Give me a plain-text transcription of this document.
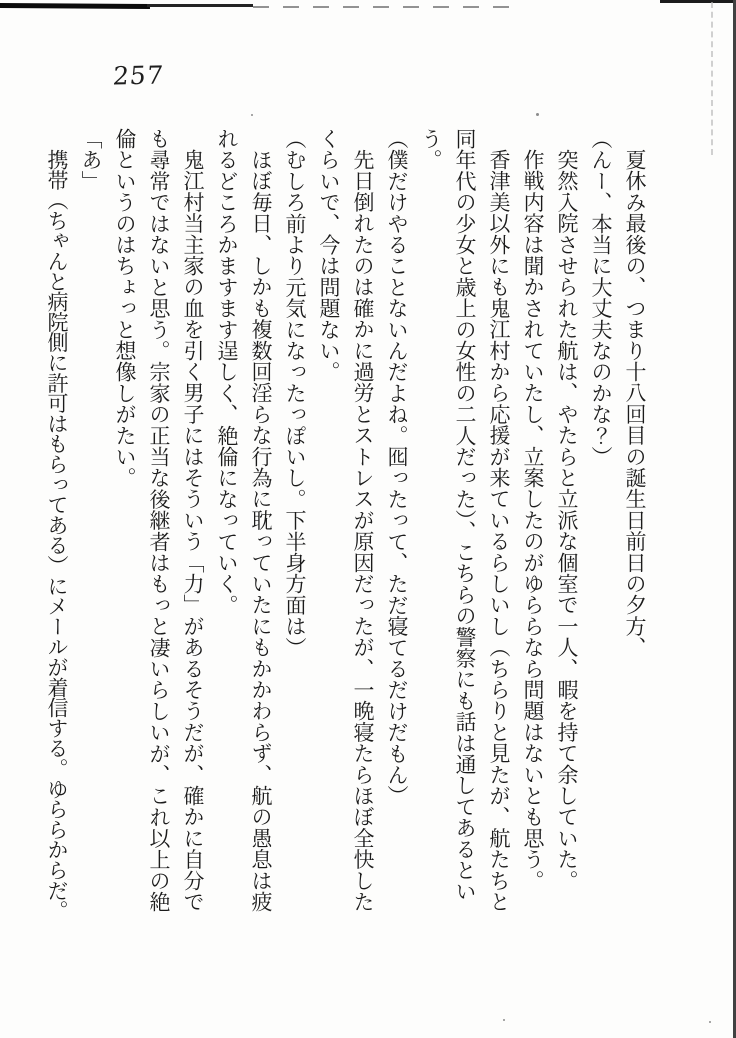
257

夏休み最後の、つまり十八回目の誕生日前日の夕方、

（んー、本当に大丈夫なのかな？）

突然入院させられた航は、やたらと立派な個室で一人、暇を持て余していた。

作戦内容は聞かされていたし、立案したのがゆららなら問題はないとも思う。

香津美以外にも鬼江村から応援が来ているらしいし（ちらりと見たが、航たちと同年代の少女と歳上の女性の二人だった）、こちらの警察にも話は通してあるという。

（僕だけやることないんだよね。囮ったって、ただ寝てるだけだもん）

先日倒れたのは確かに過労とストレスが原因だったが、一晩寝たらほぼ全快したくらいで、今は問題ない。

（むしろ前より元気になったっぽいし。下半身方面は）

ほぼ毎日、しかも複数回淫らな行為に耽っていたにもかかわらず、航の愚息は疲れるどころかますます逞しく、絶倫になっていく。

鬼江村当主家の血を引く男子にはそういう「力」があるそうだが、確かに自分でも尋常ではないと思う。宗家の正当な後継者はもっと凄いらしいが、これ以上の絶倫というのはちょっと想像しがたい。

「あ」

携帯（ちゃんと病院側に許可はもらってある）にメールが着信する。ゆららからだ。
